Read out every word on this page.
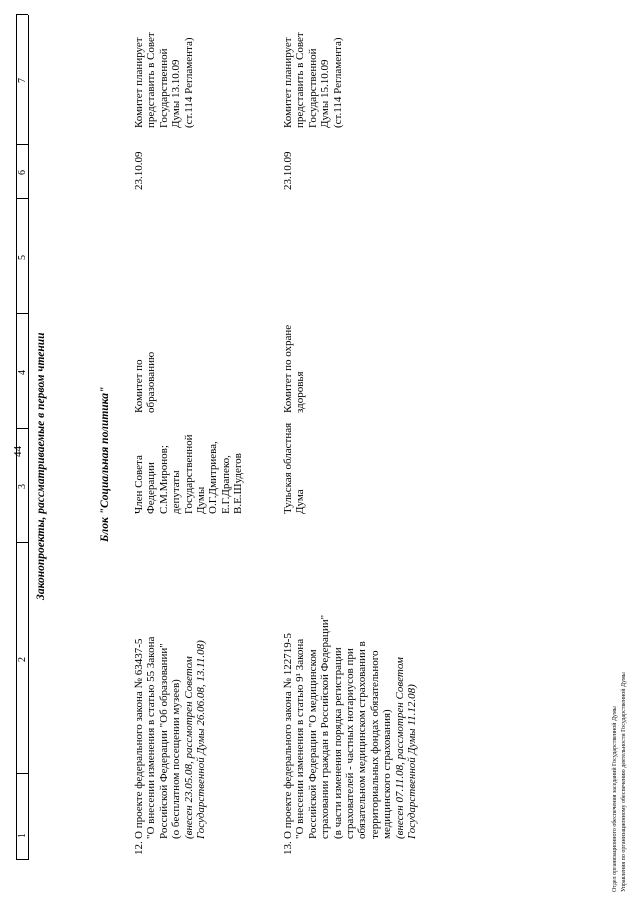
44
1
2
3
4
5
6
7
Законопроекты, рассматриваемые в первом чтении	Блок "Социальная политика"
12.
О проекте федерального закона № 63437-5 "О внесении изменения в статью 55 Закона Российской Федерации "Об образовании" (о бесплатном посещении музеев) (внесен 23.05.08, рассмотрен Советом Государственной Думы 26.06.08, 13.11.08)
Член Совета Федерации С.М.Миронов; депутаты Государственной Думы О.Г.Дмитриева, Е.Г.Драпеко, В.Е.Шудегов
Комитет по образованию
23.10.09
Комитет планирует представить в Совет Государственной Думы 13.10.09 (ст.114 Регламента)
13.
О проекте федерального закона № 122719-5 "О внесении изменения в статью 9¹ Закона Российской Федерации "О медицинском страховании граждан в Российской Федерации" (в части изменения порядка регистрации страхователей - частных нотариусов при обязательном медицинском страховании в территориальных фондах обязательного медицинского страхования) (внесен 07.11.08, рассмотрен Советом Государственной Думы 11.12.08)
Тульская областная Дума
Комитет по охране здоровья
23.10.09
Комитет планирует представить в Совет Государственной Думы 15.10.09 (ст.114 Регламента)
Отдел организационного обеспечения заседаний Государственной Думы Управления по организационному обеспечению деятельности Государственной Думы
